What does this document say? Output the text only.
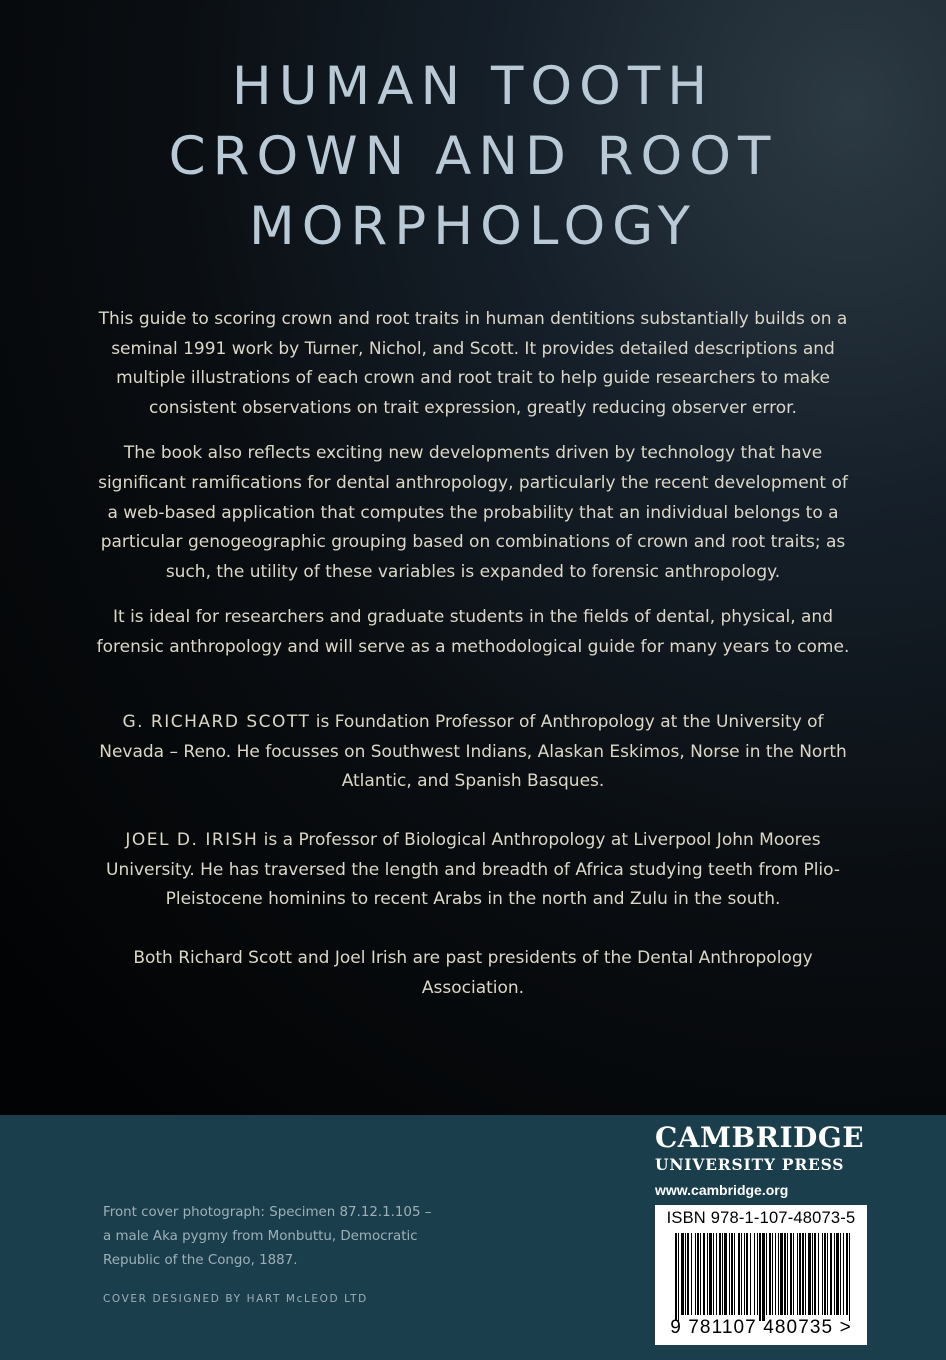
HUMAN TOOTH
CROWN AND ROOT
MORPHOLOGY

This guide to scoring crown and root traits in human dentitions substantially builds on a seminal 1991 work by Turner, Nichol, and Scott. It provides detailed descriptions and multiple illustrations of each crown and root trait to help guide researchers to make consistent observations on trait expression, greatly reducing observer error.

The book also reflects exciting new developments driven by technology that have significant ramifications for dental anthropology, particularly the recent development of a web-based application that computes the probability that an individual belongs to a particular genogeographic grouping based on combinations of crown and root traits; as such, the utility of these variables is expanded to forensic anthropology.

It is ideal for researchers and graduate students in the fields of dental, physical, and forensic anthropology and will serve as a methodological guide for many years to come.

G. RICHARD SCOTT is Foundation Professor of Anthropology at the University of Nevada – Reno. He focusses on Southwest Indians, Alaskan Eskimos, Norse in the North Atlantic, and Spanish Basques.

JOEL D. IRISH is a Professor of Biological Anthropology at Liverpool John Moores University. He has traversed the length and breadth of Africa studying teeth from Plio-Pleistocene hominins to recent Arabs in the north and Zulu in the south.

Both Richard Scott and Joel Irish are past presidents of the Dental Anthropology Association.

Front cover photograph: Specimen 87.12.1.105 – a male Aka pygmy from Monbuttu, Democratic Republic of the Congo, 1887.

COVER DESIGNED BY HART McLEOD LTD

CAMBRIDGE
UNIVERSITY PRESS
www.cambridge.org
ISBN 978-1-107-48073-5
9 781107 480735 >
